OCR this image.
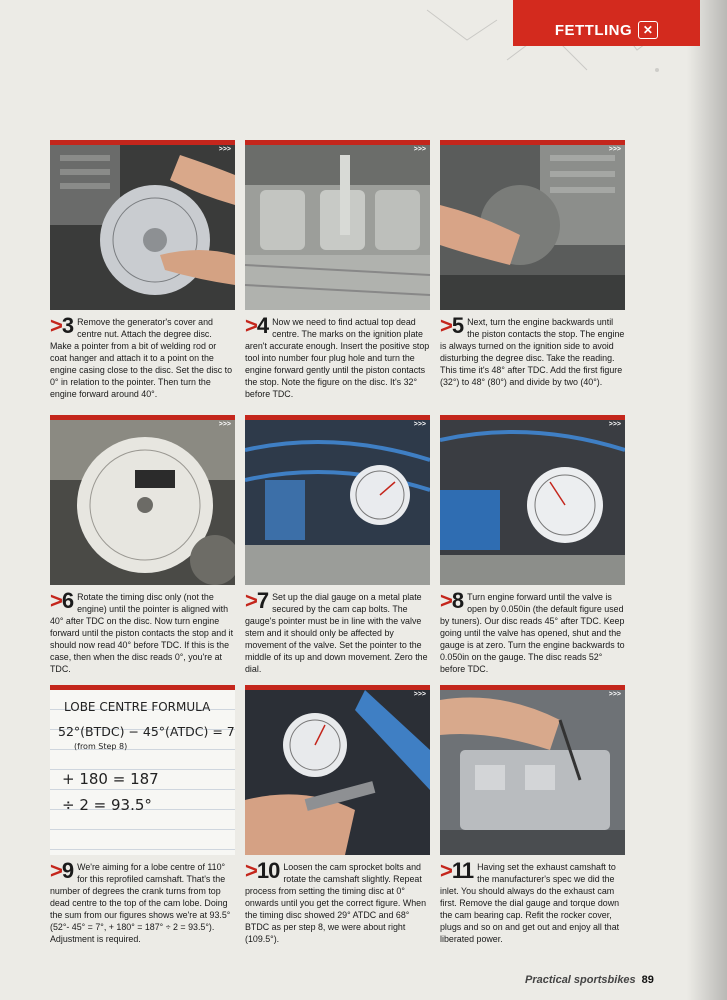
FETTLING ✕
>>>
>3 Remove the generator's cover and centre nut. Attach the degree disc. Make a pointer from a bit of welding rod or coat hanger and attach it to a point on the engine casing close to the disc. Set the disc to 0° in relation to the pointer. Then turn the engine forward around 40°.
>>>
>4 Now we need to find actual top dead centre. The marks on the ignition plate aren't accurate enough. Insert the positive stop tool into number four plug hole and turn the engine forward gently until the piston contacts the stop. Note the figure on the disc. It's 32° before TDC.
>>>
>5 Next, turn the engine backwards until the piston contacts the stop. The engine is always turned on the ignition side to avoid disturbing the degree disc. Take the reading. This time it's 48° after TDC. Add the first figure (32°) to 48° (80°) and divide by two (40°).
>>>
>6 Rotate the timing disc only (not the engine) until the pointer is aligned with 40° after TDC on the disc. Now turn engine forward until the piston contacts the stop and it should now read 40° before TDC. If this is the case, then when the disc reads 0°, you're at TDC.
>>>
>7 Set up the dial gauge on a metal plate secured by the cam cap bolts. The gauge's pointer must be in line with the valve stem and it should only be affected by movement of the valve. Set the pointer to the middle of its up and down movement. Zero the dial.
>>>
>8 Turn engine forward until the valve is open by 0.050in (the default figure used by tuners). Our disc reads 45° after TDC. Keep going until the valve has opened, shut and the gauge is at zero. Turn the engine backwards to 0.050in on the gauge. The disc reads 52° before TDC.
LOBE CENTRE FORMULA
52°(BTDC) − 45°(ATDC) = 7
(from Step 8)
+ 180 = 187
÷ 2 = 93.5°
>9 We're aiming for a lobe centre of 110° for this reprofiled camshaft. That's the number of degrees the crank turns from top dead centre to the top of the cam lobe. Doing the sum from our figures shows we're at 93.5° (52°- 45° = 7°, + 180° = 187° ÷ 2 = 93.5°). Adjustment is required.
>>>
>10 Loosen the cam sprocket bolts and rotate the camshaft slightly. Repeat process from setting the timing disc at 0° onwards until you get the correct figure. When the timing disc showed 29° ATDC and 68° BTDC as per step 8, we were about right (109.5°).
>>>
>11 Having set the exhaust camshaft to the manufacturer's spec we did the inlet. You should always do the exhaust cam first. Remove the dial gauge and torque down the cam bearing cap. Refit the rocker cover, plugs and so on and get out and enjoy all that liberated power.
Practical sportsbikes 89
